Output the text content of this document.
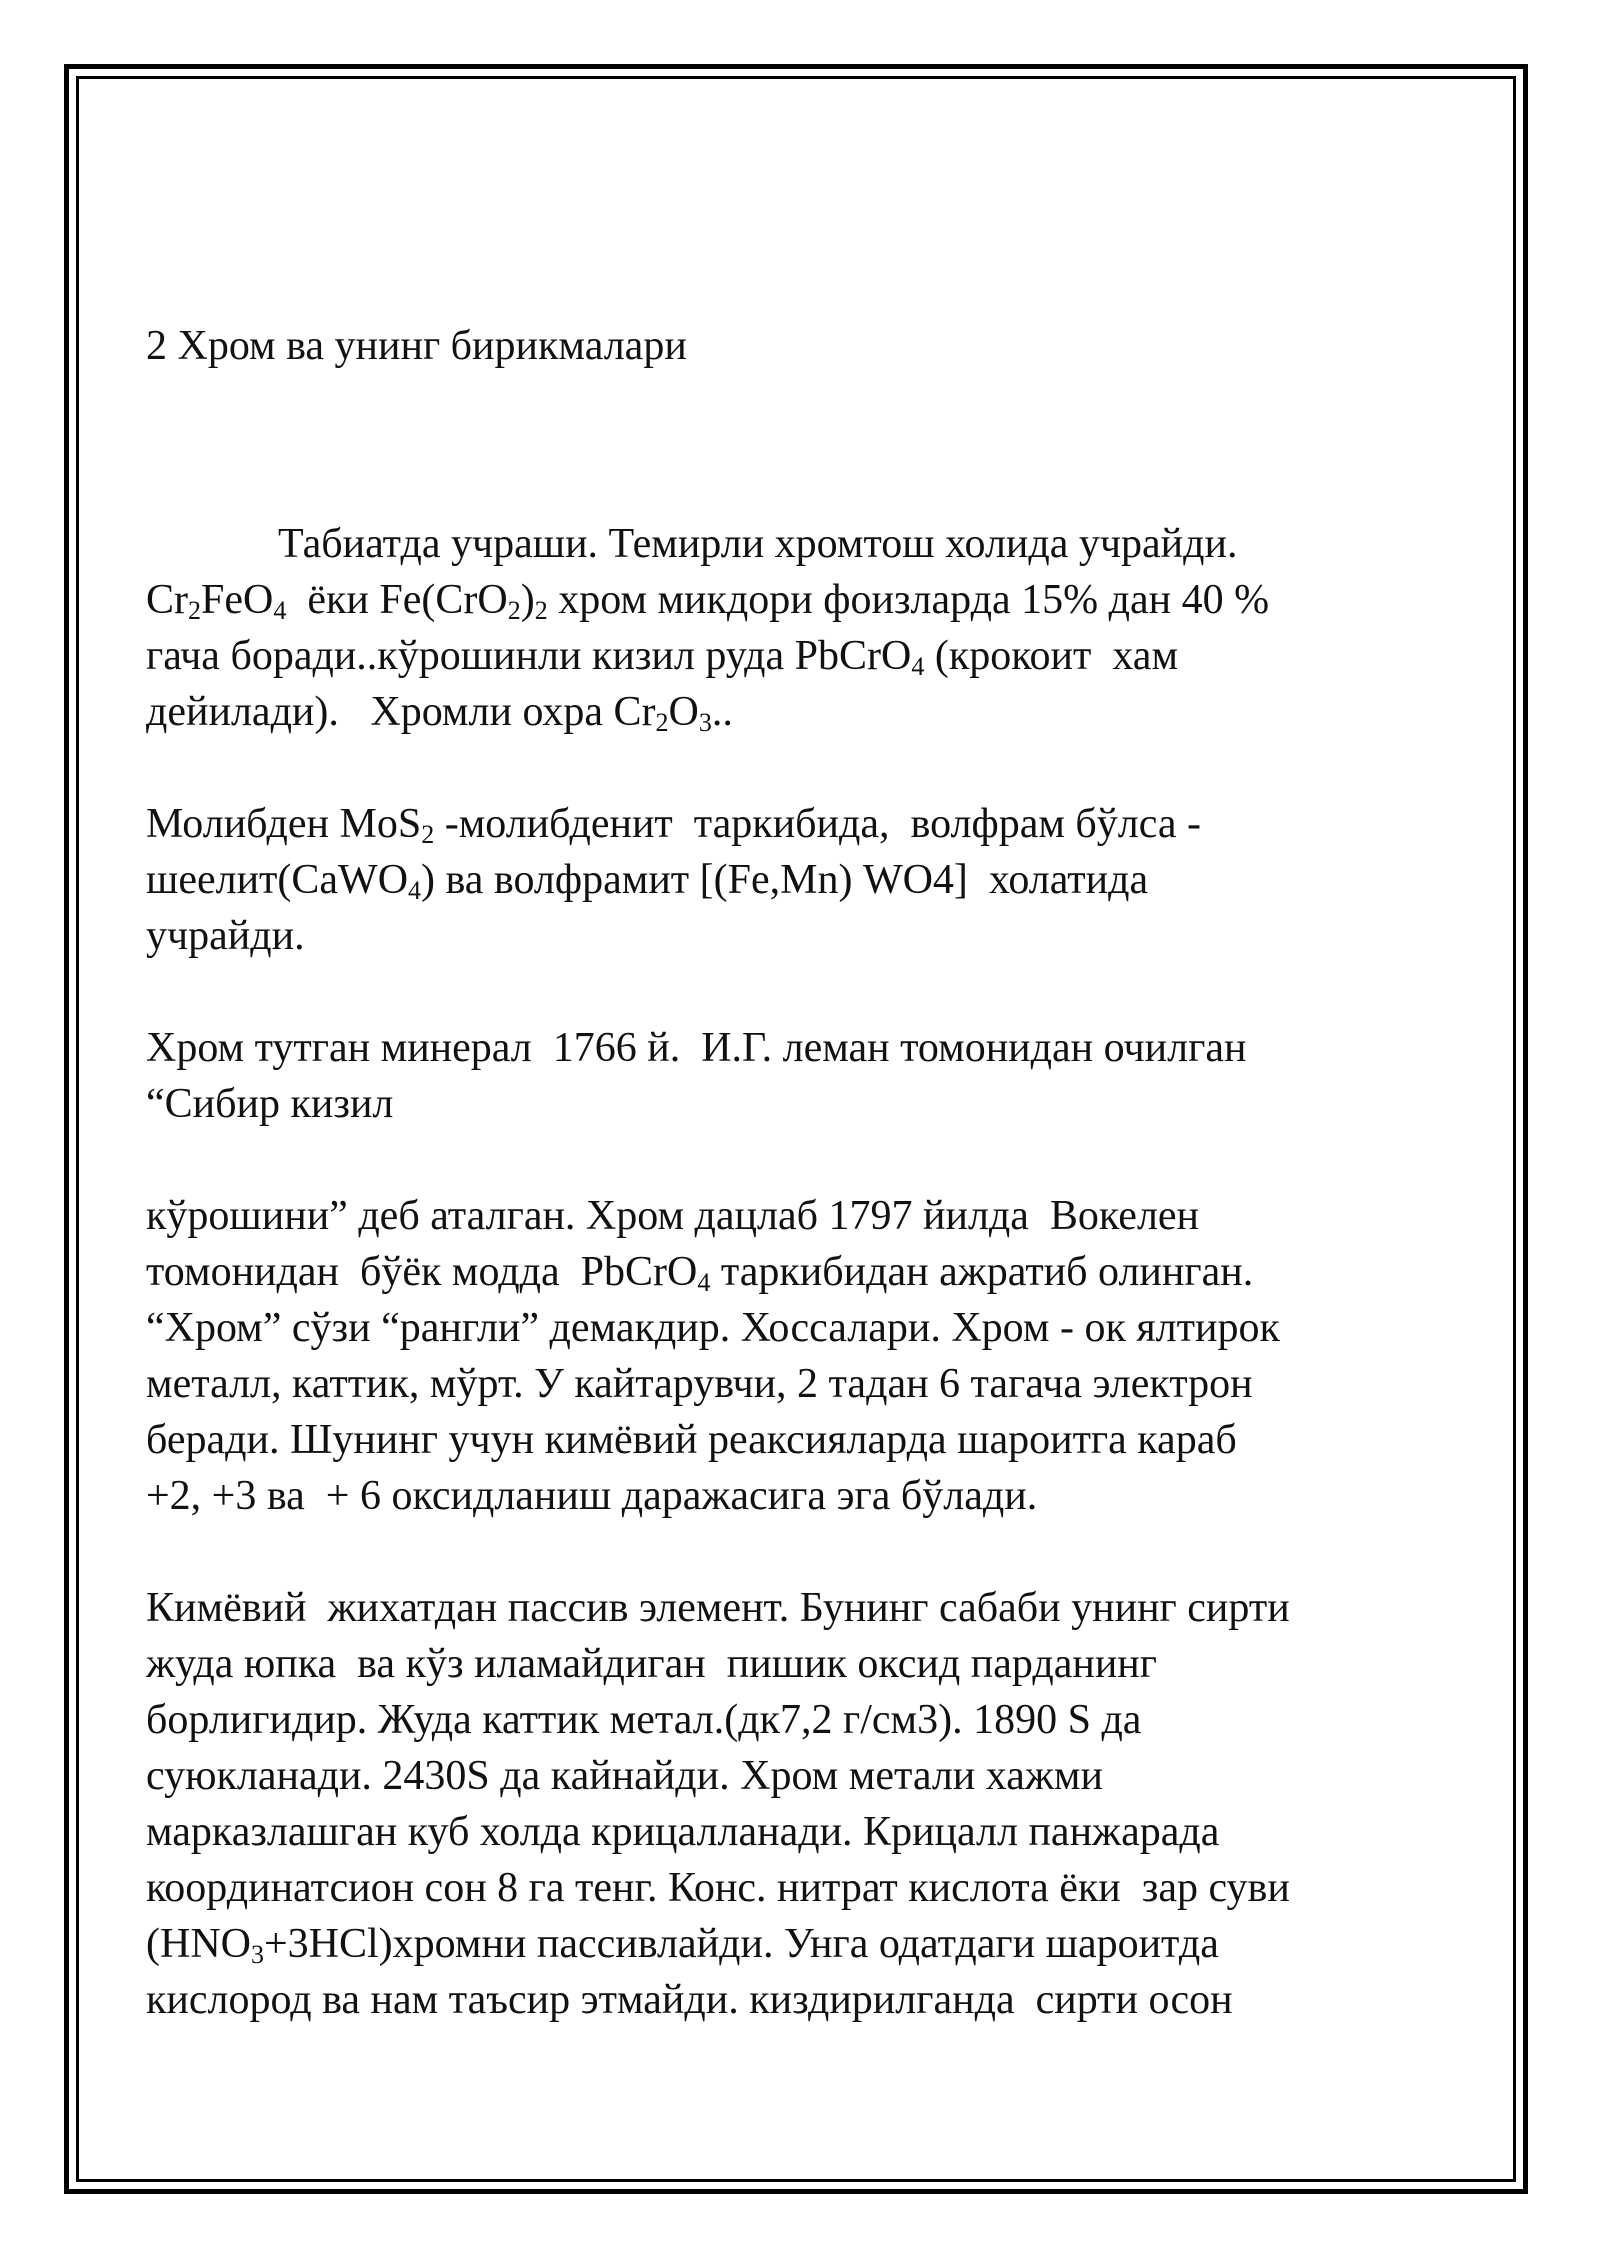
2 Хром ва унинг бирикмалари

Табиатда учраши. Темирли хромтош холида учрайди.
$Cr_2FeO_4$  ёки $Fe(CrO_2)_2$ хром микдори фоизларда 15% дан 40 %
гача боради..кўрошинли кизил руда PbCrO$_4$ (крокоит  хам
дейилади).   Хромли охра $Cr_2O_3$..

Молибден MoS$_2$ -молибденит  таркибида,  волфрам бўлса -
шеелит(CaWO$_4$) ва волфрамит [(Fe,Mn) WO4]  холатида
учрайди.

Хром тутган минерал  1766 й.  И.Г. леман томонидан очилган
“Сибир кизил

кўрошини” деб аталган. Хром дацлаб 1797 йилда  Вокелен
томонидан  бўёк модда  PbCrO$_4$ таркибидан ажратиб олинган.
“Хром” сўзи “рангли” демакдир. Хоссалари. Хром - ок ялтирок
металл, каттик, мўрт. У кайтарувчи, 2 тадан 6 тагача электрон
беради. Шунинг учун кимёвий реаксияларда шароитга караб
+2, +3 ва  + 6 оксидланиш даражасига эга бўлади.

Кимёвий  жихатдан пассив элемент. Бунинг сабаби унинг сирти
жуда юпка  ва кўз иламайдиган  пишик оксид парданинг
борлигидир. Жуда каттик метал.(дк7,2 г/см3). 1890 S да
суюкланади. 2430S да кайнайди. Хром метали хажми
марказлашган куб холда крицалланади. Крицалл панжарада
координатсион сон 8 га тенг. Конс. нитрат кислота ёки  зар суви
$(HNO_3+3HCl)хромни$ пассивлайди. Унга одатдаги шароитда
кислород ва нам таъсир этмайди. киздирилганда  сирти осон
